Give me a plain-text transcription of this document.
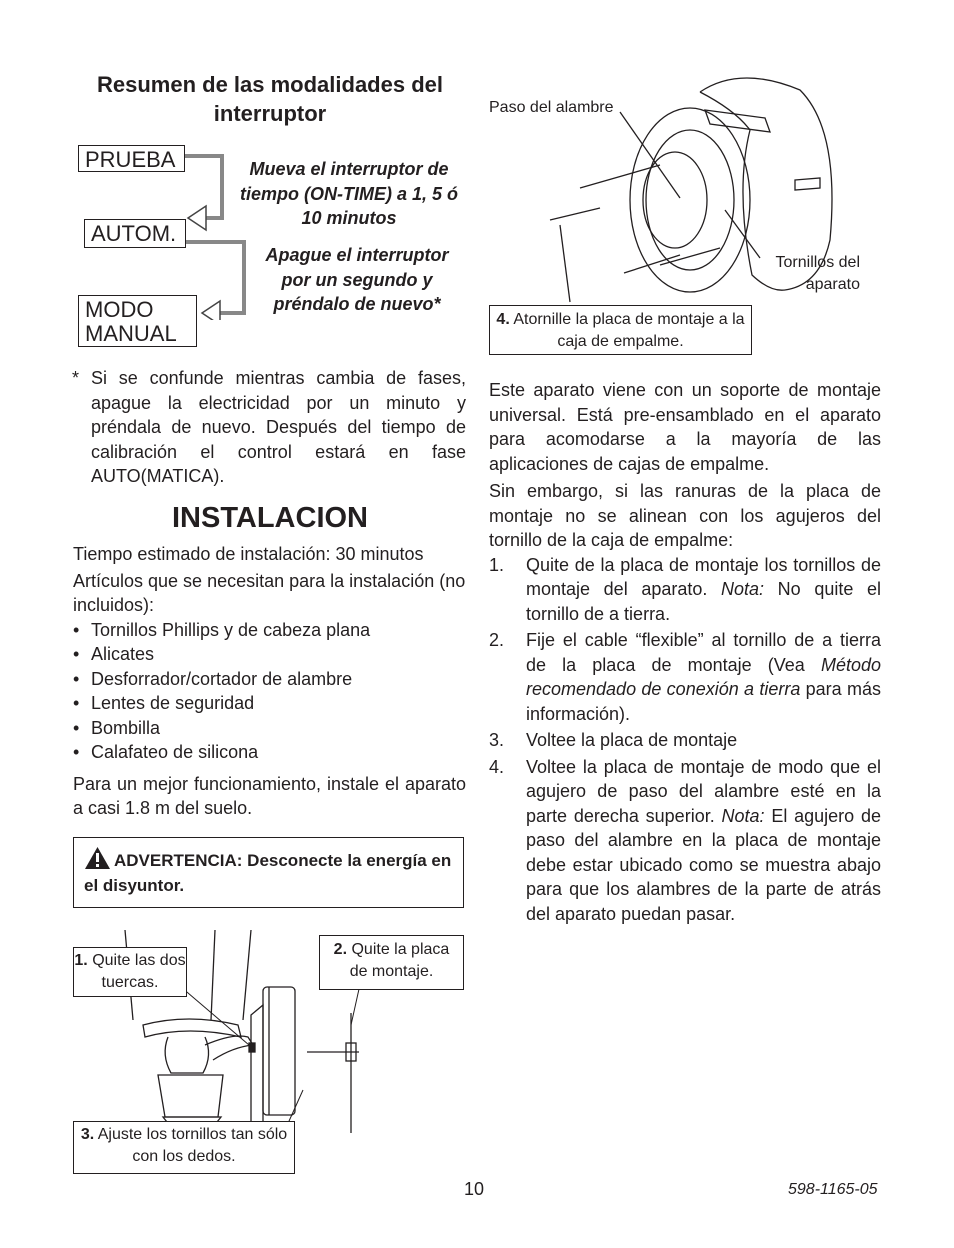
Resumen de las modalidades del interruptor
PRUEBA
AUTOM.
MODO MANUAL
Mueva el interruptor de tiempo (ON-TIME) a 1, 5 ó 10 minutos
Apague el interruptor por un segundo y préndalo de nuevo*
* Si se confunde mientras cambia de fases, apague la electricidad por un minuto y préndala de nuevo. Después del tiempo de calibración el control estará en fase AUTO(MATICA).
INSTALACION

Tiempo estimado de instalación: 30 minutos

Artículos que se necesitan para la instalación (no incluidos):

• Tornillos Phillips y de cabeza plana
• Alicates
• Desforrador/cortador de alambre
• Lentes de seguridad
• Bombilla
• Calafateo de silicona

Para un mejor funcionamiento, instale el aparato a casi 1.8 m del suelo.

ADVERTENCIA: Desconecte la energía en el disyuntor.
1. Quite las dos tuercas.
2. Quite la placa de montaje.
3. Ajuste los tornillos tan sólo con los dedos.
Paso del alambre
Tornillos del aparato
4. Atornille la placa de montaje a la caja de empalme.

Este aparato viene con un soporte de montaje universal. Está pre-ensamblado en el aparato para acomodarse a la mayoría de las aplicaciones de cajas de empalme.

Sin embargo, si las ranuras de la placa de montaje no se alinean con los agujeros del tornillo de la caja de empalme:

1. Quite de la placa de montaje los tornillos de montaje del aparato. Nota: No quite el tornillo de a tierra.
2. Fije el cable “flexible” al tornillo de a tierra de la placa de montaje (Vea Método recomendado de conexión a tierra para más información).
3. Voltee la placa de montaje
4. Voltee la placa de montaje de modo que el agujero de paso del alambre esté en la parte derecha superior. Nota: El agujero de paso del alambre en la placa de montaje debe estar ubicado como se muestra abajo para que los alambres de la parte de atrás del aparato puedan pasar.
10	598-1165-05
